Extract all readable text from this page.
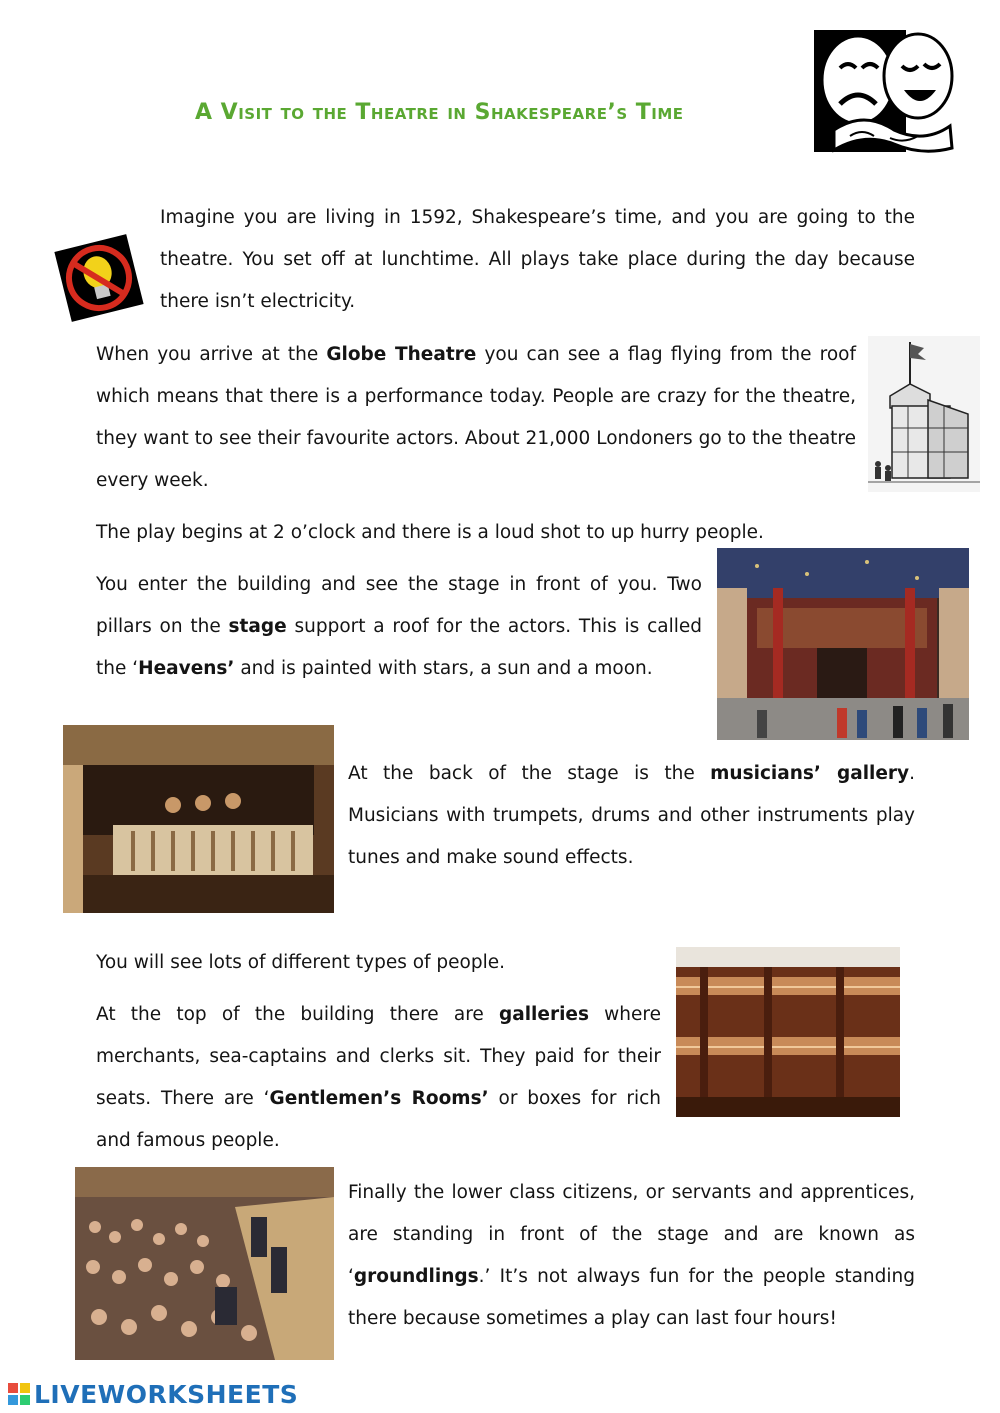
A Visit to the Theatre in Shakespeare’s Time
Imagine you are living in 1592, Shakespeare’s time, and you are going to the theatre. You set off at lunchtime. All plays take place during the day because there isn’t electricity.
When you arrive at the Globe Theatre you can see a flag flying from the roof which means that there is a performance today. People are crazy for the theatre, they want to see their favourite actors. About 21,000 Londoners go to the theatre every week.
The play begins at 2 o’clock and there is a loud shot to up hurry people.
You enter the building and see the stage in front of you. Two pillars on the stage support a roof for the actors. This is called the ‘Heavens’ and is painted with stars, a sun and a moon.
At the back of the stage is the musicians’ gallery. Musicians with trumpets, drums and other instruments play tunes and make sound effects.
You will see lots of different types of people.
At the top of the building there are galleries where merchants, sea-captains and clerks sit. They paid for their seats. There are ‘Gentlemen’s Rooms’ or boxes for rich and famous people.
Finally the lower class citizens, or servants and apprentices, are standing in front of the stage and are known as ‘groundlings.’ It’s not always fun for the people standing there because sometimes a play can last four hours!
LIVEWORKSHEETS
